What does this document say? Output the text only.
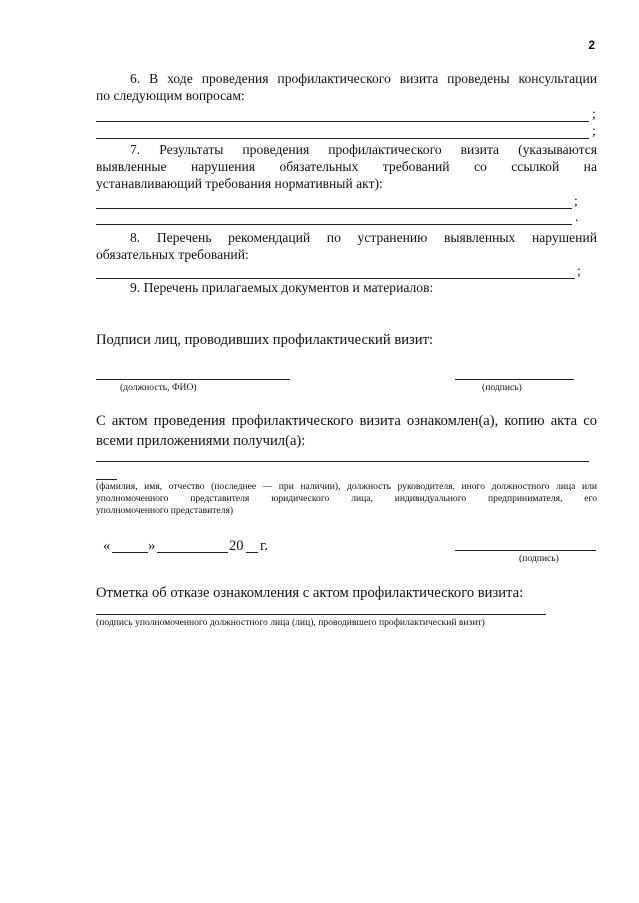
2
6. В ходе проведения профилактического визита проведены консультации
по следующим вопросам:
;
;
7. Результаты проведения профилактического визита (указываются
выявленные нарушения обязательных требований со ссылкой на
устанавливающий требования нормативный акт):
;
.
8. Перечень рекомендаций по устранению выявленных нарушений
обязательных требований:
;
9. Перечень прилагаемых документов и материалов:
Подписи лиц, проводивших профилактический визит:
(должность, ФИО)	(подпись)
С актом проведения профилактического визита ознакомлен(а), копию акта со
всеми приложениями получил(а):
(фамилия, имя, отчество (последнее — при наличии), должность руководителя, иного должностного лица или
уполномоченного представителя юридического лица, индивидуального предпринимателя, его
уполномоченного представителя)
«	»	20 г.
(подпись)
Отметка об отказе ознакомления с актом профилактического визита:
(подпись уполномоченного должностного лица (лиц), проводившего профилактический визит)
